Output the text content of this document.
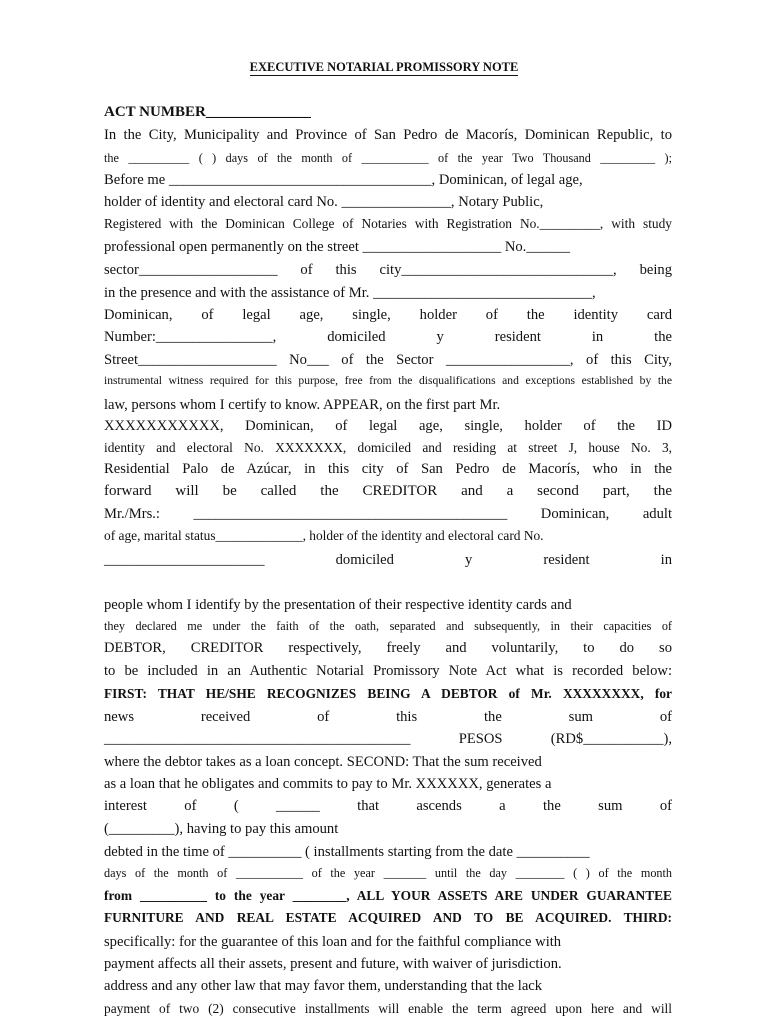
EXECUTIVE NOTARIAL PROMISSORY NOTE
ACT NUMBER______________
In the City, Municipality and Province of San Pedro de Macorís, Dominican Republic, to
the __________ ( ) days of the month of ___________ of the year Two Thousand _________ );
Before me ____________________________________, Dominican, of legal age,
holder of identity and electoral card No. _______________, Notary Public,
Registered with the Dominican College of Notaries with Registration No._________, with study
professional open permanently on the street ___________________ No.______
sector___________________ of this city_____________________________, being
in the presence and with the assistance of Mr. ______________________________,
Dominican, of legal age, single, holder of the identity card
Number:________________, domiciled y resident in the
Street___________________ No___ of the Sector _________________, of this City,
instrumental witness required for this purpose, free from the disqualifications and exceptions established by the
law, persons whom I certify to know. APPEAR, on the first part Mr.
XXXXXXXXXXX, Dominican, of legal age, single, holder of the ID
identity and electoral No. XXXXXXX, domiciled and residing at street J, house No. 3,
Residential Palo de Azúcar, in this city of San Pedro de Macorís, who in the
forward will be called the CREDITOR and a second part, the
Mr./Mrs.: ___________________________________________ Dominican, adult
of age, marital status_____________, holder of the identity and electoral card No.
______________________ domiciled y resident in
people whom I identify by the presentation of their respective identity cards and
they declared me under the faith of the oath, separated and subsequently, in their capacities of
DEBTOR, CREDITOR respectively, freely and voluntarily, to do so
to be included in an Authentic Notarial Promissory Note Act what is recorded below:
FIRST: THAT HE/SHE RECOGNIZES BEING A DEBTOR of Mr. XXXXXXXX, for
news received of this the sum of
__________________________________________ PESOS (RD$___________),
where the debtor takes as a loan concept. SECOND: That the sum received
as a loan that he obligates and commits to pay to Mr. XXXXXX, generates a
interest of ( ______ that ascends a the sum of
(_________), having to pay this amount
debted in the time of __________ ( installments starting from the date __________
days of the month of ___________ of the year _______ until the day ________ ( ) of the month
from __________ to the year ________, ALL YOUR ASSETS ARE UNDER GUARANTEE
FURNITURE AND REAL ESTATE ACQUIRED AND TO BE ACQUIRED. THIRD:
specifically: for the guarantee of this loan and for the faithful compliance with
payment affects all their assets, present and future, with waiver of jurisdiction.
address and any other law that may favor them, understanding that the lack
payment of two (2) consecutive installments will enable the term agreed upon here and will
